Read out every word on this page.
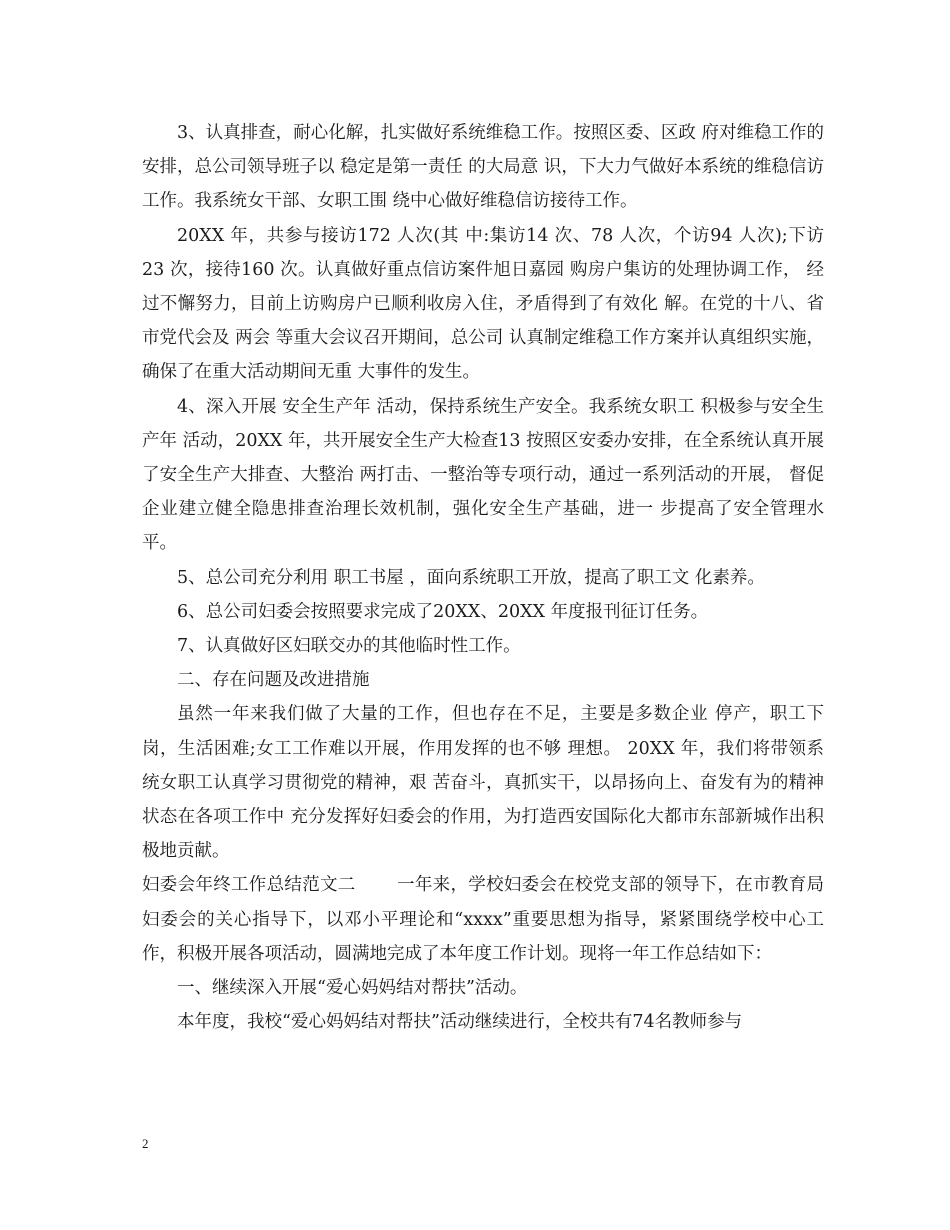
3、认真排查，耐心化解，扎实做好系统维稳工作。按照区委、区政 府对维稳工作的安排，总公司领导班子以 稳定是第一责任 的大局意 识，下大力气做好本系统的维稳信访工作。我系统女干部、女职工围 绕中心做好维稳信访接待工作。

20XX 年，共参与接访172 人次(其 中:集访14 次、78 人次，个访94 人次);下访23 次，接待160 次。认真做好重点信访案件旭日嘉园 购房户集访的处理协调工作， 经过不懈努力，目前上访购房户已顺利收房入住，矛盾得到了有效化 解。在党的十八、省市党代会及 两会 等重大会议召开期间，总公司 认真制定维稳工作方案并认真组织实施，确保了在重大活动期间无重 大事件的发生。

4、深入开展 安全生产年 活动，保持系统生产安全。我系统女职工 积极参与安全生产年 活动，20XX 年，共开展安全生产大检查13 按照区安委办安排，在全系统认真开展了安全生产大排查、大整治 两打击、一整治等专项行动，通过一系列活动的开展， 督促企业建立健全隐患排查治理长效机制，强化安全生产基础，进一 步提高了安全管理水平。

5、总公司充分利用 职工书屋 ，面向系统职工开放，提高了职工文 化素养。

6、总公司妇委会按照要求完成了20XX、20XX 年度报刊征订任务。

7、认真做好区妇联交办的其他临时性工作。

二、存在问题及改进措施

虽然一年来我们做了大量的工作，但也存在不足，主要是多数企业 停产，职工下岗，生活困难;女工工作难以开展，作用发挥的也不够 理想。 20XX 年，我们将带领系统女职工认真学习贯彻党的精神，艰 苦奋斗，真抓实干，以昂扬向上、奋发有为的精神状态在各项工作中 充分发挥好妇委会的作用，为打造西安国际化大都市东部新城作出积 极地贡献。

妇委会年终工作总结范文二　　 一年来，学校妇委会在校党支部的领导下，在市教育局妇委会的关心指导下，以邓小平理论和“xxxx”重要思想为指导，紧紧围绕学校中心工作，积极开展各项活动，圆满地完成了本年度工作计划。现将一年工作总结如下：

一、继续深入开展“爱心妈妈结对帮扶”活动。

本年度，我校“爱心妈妈结对帮扶”活动继续进行，全校共有74名教师参与

2
